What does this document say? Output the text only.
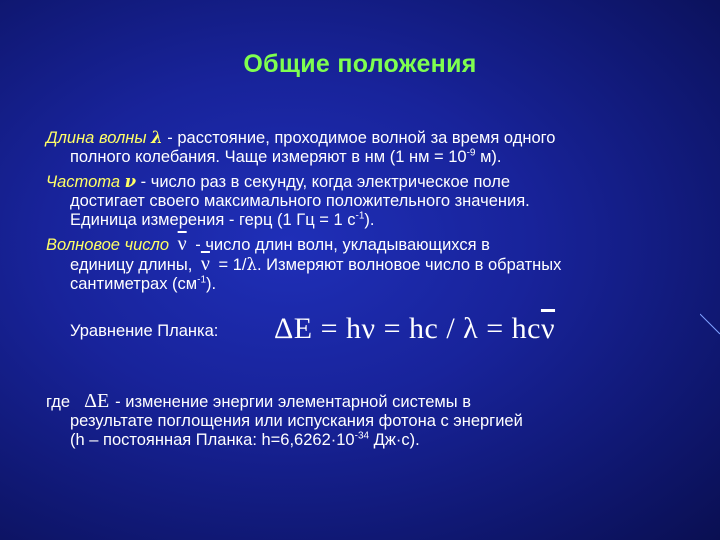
Общие положения
Длина волны λ - расстояние, проходимое волной за время одного
полного колебания. Чаще измеряют в нм (1 нм = $10^{-9}$ м).
Частота ν - число раз в секунду, когда электрическое поле
достигает своего максимального положительного значения.
Единица измерения - герц (1 Гц = 1 $с^{-1}$).
Волновое число $\overline{\nu}$ - число длин волн, укладывающихся в
единицу длины, $\overline{\nu} = 1/\lambda$. Измеряют волновое число в обратных
сантиметрах $(см^{-1})$.
Уравнение Планка: ΔE = hν = hc / $\lambda = hc\overline{\nu}$
где ΔE - изменение энергии элементарной системы в
результате поглощения или испускания фотона с энергией
(h – постоянная Планка: $h=6,6262\cdot 10^{-34}$ Дж·с).
